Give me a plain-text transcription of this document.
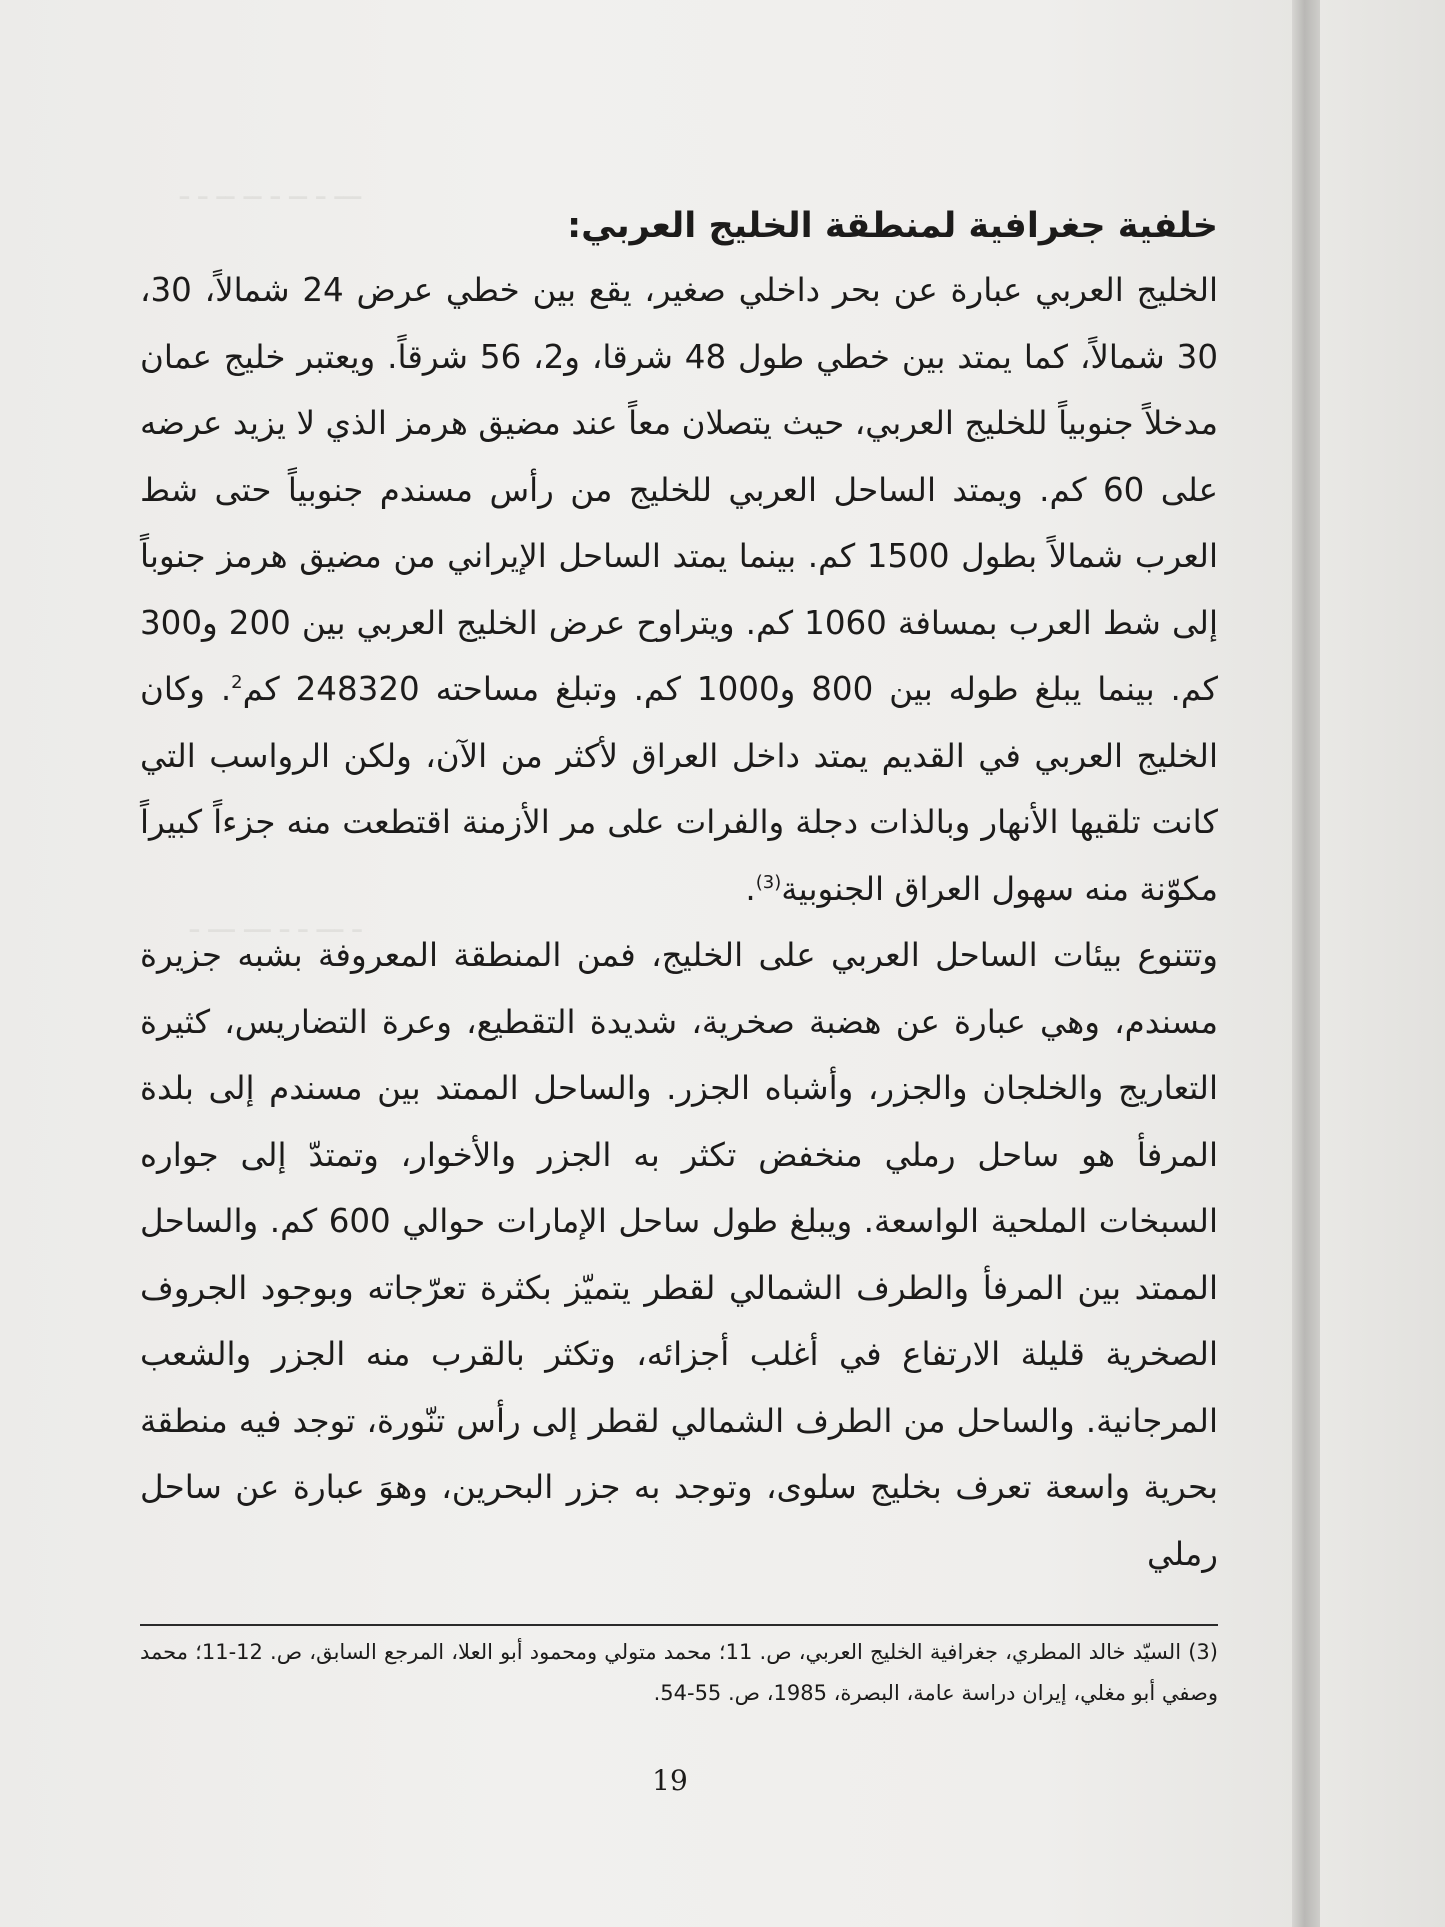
ـــ ـ ــ ـ ــ ــ ـ ـ
ـ ـــ ـ ـ ـــ ـــ ـ
خلفية جغرافية لمنطقة الخليج العربي:

الخليج العربي عبارة عن بحر داخلي صغير، يقع بين خطي عرض 24 شمالاً، 30، 30 شمالاً، كما يمتد بين خطي طول 48 شرقا، و2، 56 شرقاً. ويعتبر خليج عمان مدخلاً جنوبياً للخليج العربي، حيث يتصلان معاً عند مضيق هرمز الذي لا يزيد عرضه على 60 كم. ويمتد الساحل العربي للخليج من رأس مسندم جنوبياً حتى شط العرب شمالاً بطول 1500 كم. بينما يمتد الساحل الإيراني من مضيق هرمز جنوباً إلى شط العرب بمسافة 1060 كم. ويتراوح عرض الخليج العربي بين 200 و300 كم. بينما يبلغ طوله بين 800 و1000 كم. وتبلغ مساحته 248320 كم$^2$. وكان الخليج العربي في القديم يمتد داخل العراق لأكثر من الآن، ولكن الرواسب التي كانت تلقيها الأنهار وبالذات دجلة والفرات على مر الأزمنة اقتطعت منه جزءاً كبيراً مكوّنة منه سهول العراق الجنوبية$^{(3)}$.

وتتنوع بيئات الساحل العربي على الخليج، فمن المنطقة المعروفة بشبه جزيرة مسندم، وهي عبارة عن هضبة صخرية، شديدة التقطيع، وعرة التضاريس، كثيرة التعاريج والخلجان والجزر، وأشباه الجزر. والساحل الممتد بين مسندم إلى بلدة المرفأ هو ساحل رملي منخفض تكثر به الجزر والأخوار، وتمتدّ إلى جواره السبخات الملحية الواسعة. ويبلغ طول ساحل الإمارات حوالي 600 كم. والساحل الممتد بين المرفأ والطرف الشمالي لقطر يتميّز بكثرة تعرّجاته وبوجود الجروف الصخرية قليلة الارتفاع في أغلب أجزائه، وتكثر بالقرب منه الجزر والشعب المرجانية. والساحل من الطرف الشمالي لقطر إلى رأس تنّورة، توجد فيه منطقة بحرية واسعة تعرف بخليج سلوى، وتوجد به جزر البحرين، وهوَ عبارة عن ساحل رملي

(3) السيّد خالد المطري، جغرافية الخليج العربي، ص. 11؛ محمد متولي ومحمود أبو العلا، المرجع السابق، ص. 12-11؛ محمد وصفي أبو مغلي، إيران دراسة عامة، البصرة، 1985، ص. 55-54.

19
